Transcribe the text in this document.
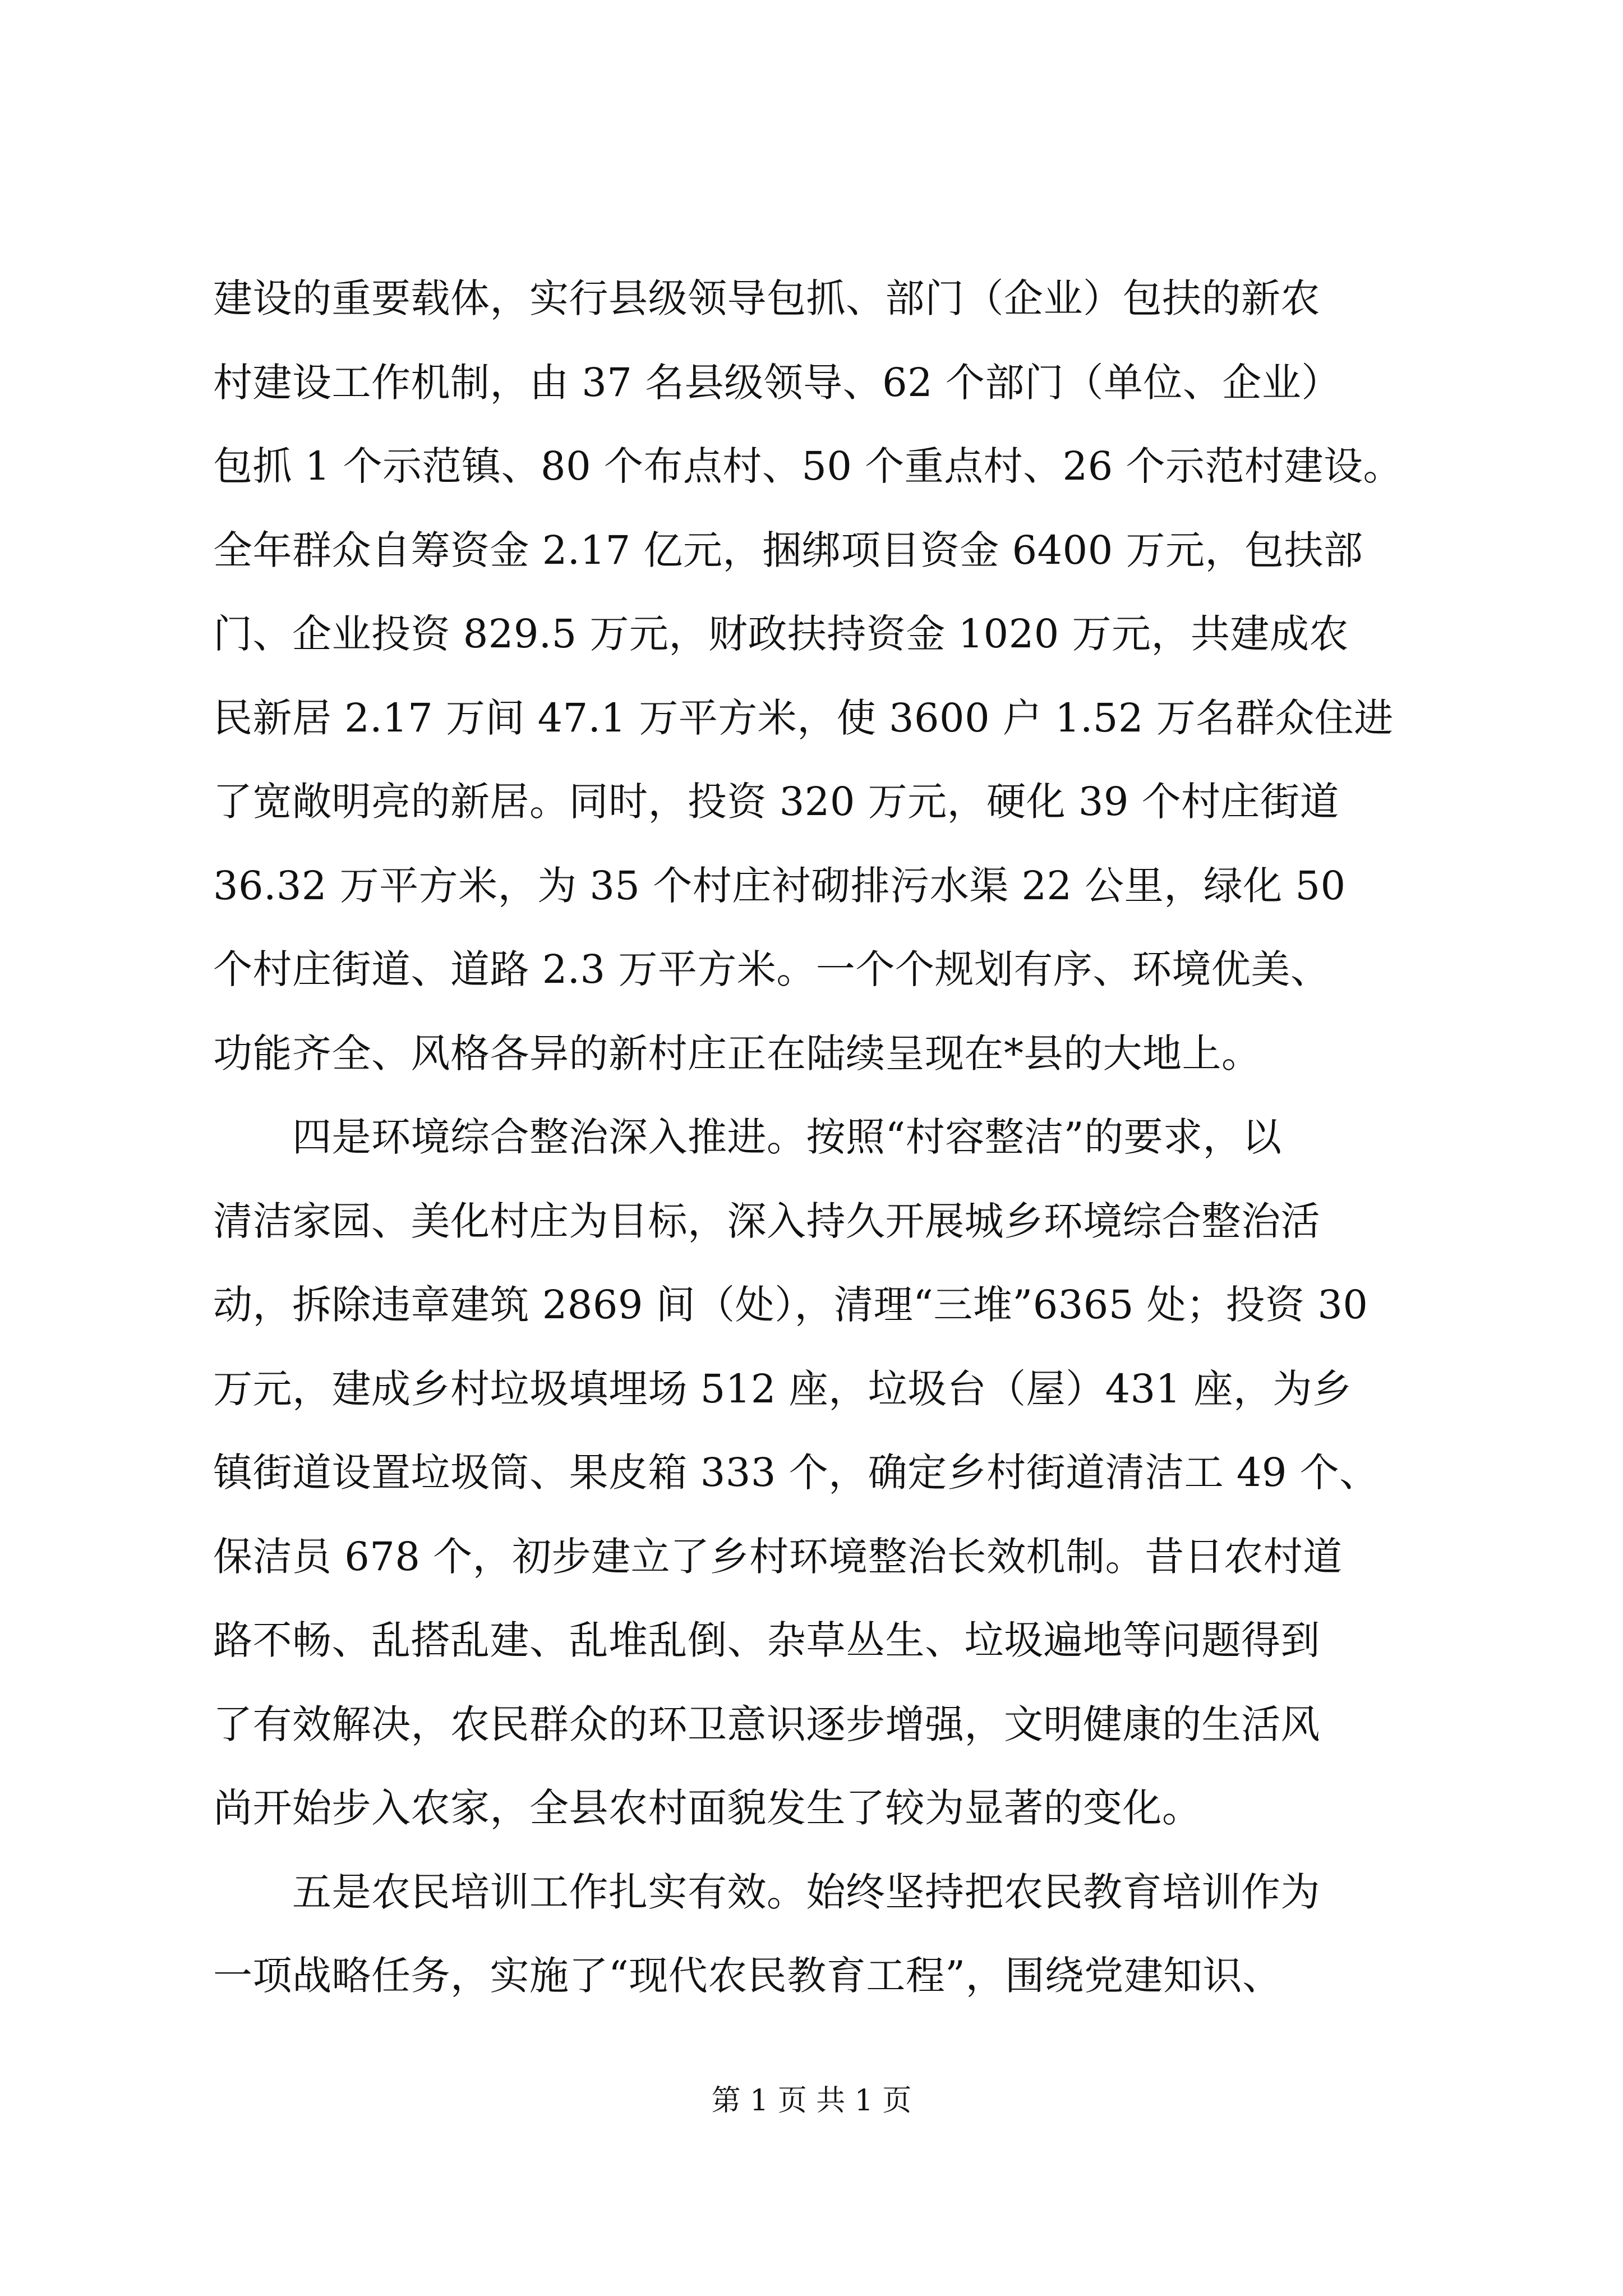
建设的重要载体，实行县级领导包抓、部门（企业）包扶的新农
村建设工作机制，由 37 名县级领导、62 个部门（单位、企业）
包抓 1 个示范镇、80 个布点村、50 个重点村、26 个示范村建设。
全年群众自筹资金 2.17 亿元，捆绑项目资金 6400 万元，包扶部
门、企业投资 829.5 万元，财政扶持资金 1020 万元，共建成农
民新居 2.17 万间 47.1 万平方米，使 3600 户 1.52 万名群众住进
了宽敞明亮的新居。同时，投资 320 万元，硬化 39 个村庄街道
36.32 万平方米，为 35 个村庄衬砌排污水渠 22 公里，绿化 50
个村庄街道、道路 2.3 万平方米。一个个规划有序、环境优美、
功能齐全、风格各异的新村庄正在陆续呈现在*县的大地上。
　　四是环境综合整治深入推进。按照“村容整洁”的要求，以
清洁家园、美化村庄为目标，深入持久开展城乡环境综合整治活
动，拆除违章建筑 2869 间（处），清理“三堆”6365 处；投资 30
万元，建成乡村垃圾填埋场 512 座，垃圾台（屋）431 座，为乡
镇街道设置垃圾筒、果皮箱 333 个，确定乡村街道清洁工 49 个、
保洁员 678 个，初步建立了乡村环境整治长效机制。昔日农村道
路不畅、乱搭乱建、乱堆乱倒、杂草丛生、垃圾遍地等问题得到
了有效解决，农民群众的环卫意识逐步增强，文明健康的生活风
尚开始步入农家，全县农村面貌发生了较为显著的变化。
　　五是农民培训工作扎实有效。始终坚持把农民教育培训作为
一项战略任务，实施了“现代农民教育工程”，围绕党建知识、
第 1 页 共 1 页
